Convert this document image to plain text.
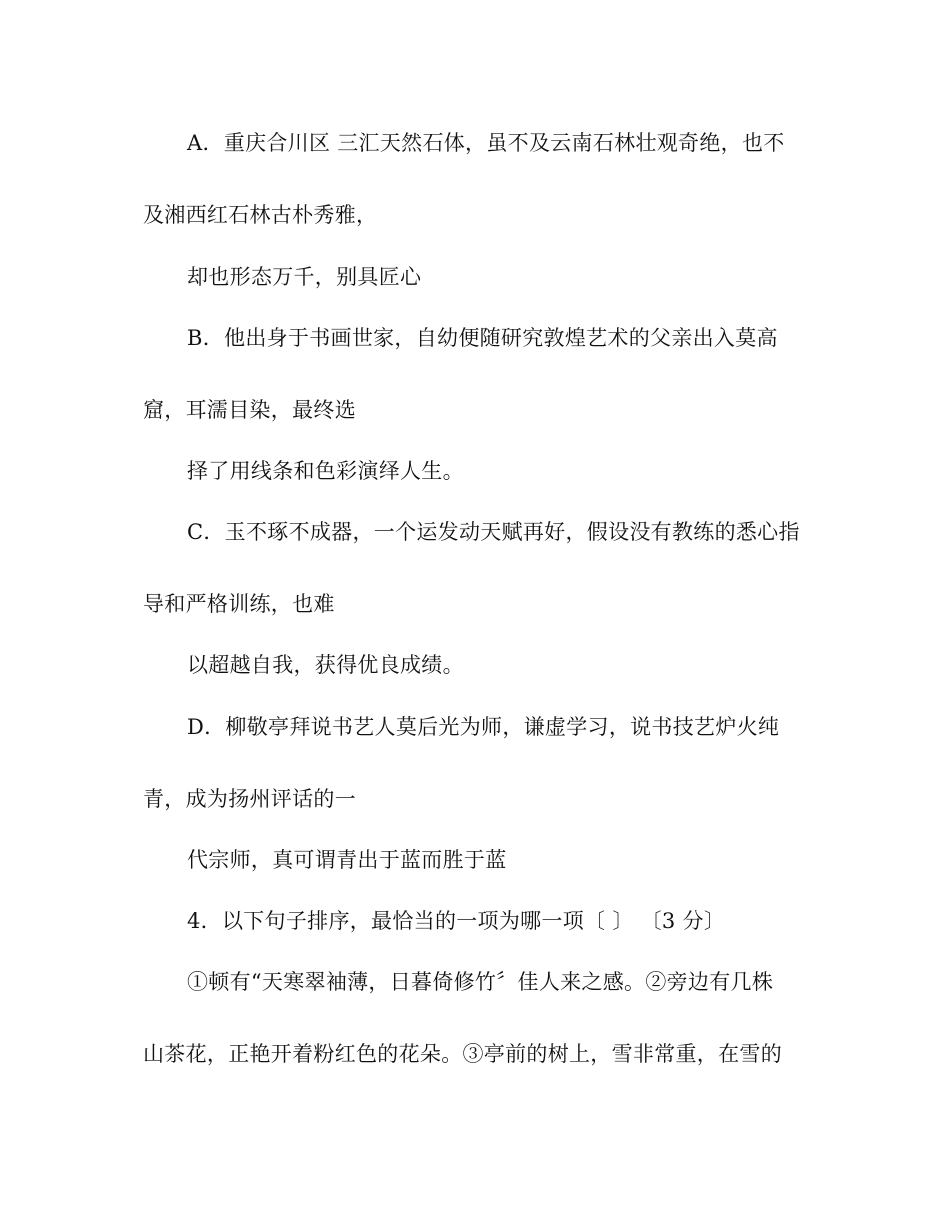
A．重庆合川区 三汇天然石体，虽不及云南石林壮观奇绝，也不
及湘西红石林古朴秀雅，
却也形态万千，别具匠心
B．他出身于书画世家，自幼便随研究敦煌艺术的父亲出入莫高
窟，耳濡目染，最终选
择了用线条和色彩演绎人生。
C．玉不琢不成器，一个运发动天赋再好，假设没有教练的悉心指
导和严格训练，也难
以超越自我，获得优良成绩。
D．柳敬亭拜说书艺人莫后光为师，谦虚学习，说书技艺炉火纯
青，成为扬州评话的一
代宗师，真可谓青出于蓝而胜于蓝
4．以下句子排序，最恰当的一项为哪一项〔 〕 〔3 分〕
①顿有“天寒翠袖薄，日暮倚修竹〞佳人来之感。②旁边有几株
山茶花，正艳开着粉红色的花朵。③亭前的树上，雪非常重，在雪的
